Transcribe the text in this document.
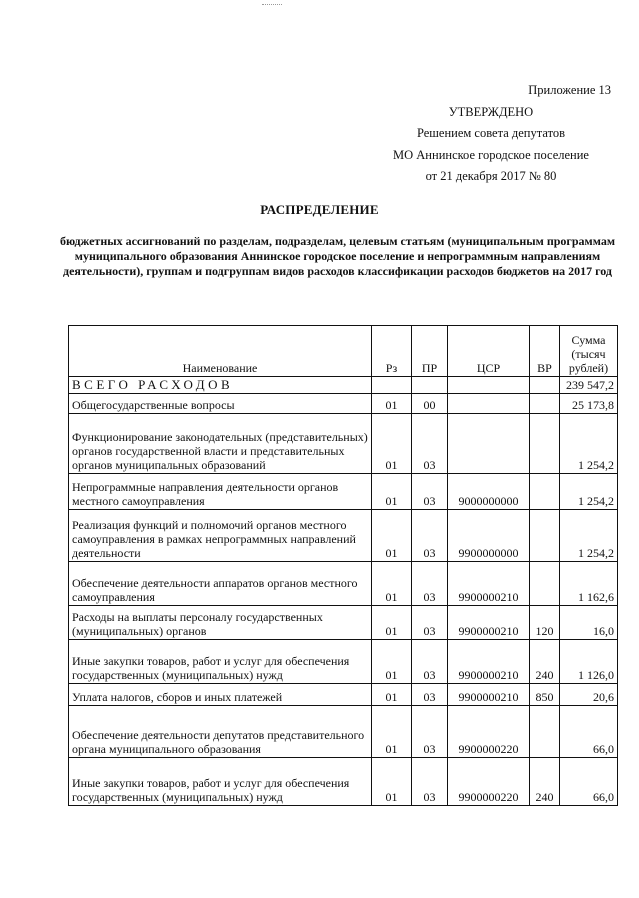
Приложение 13
УТВЕРЖДЕНО
Решением совета депутатов
МО Аннинское городское поселение
от 21 декабря 2017 № 80
РАСПРЕДЕЛЕНИЕ
бюджетных ассигнований по разделам, подразделам, целевым статьям (муниципальным программам муниципального образования Аннинское городское поселение и непрограммным направлениям деятельности), группам и подгруппам видов расходов классификации расходов бюджетов на 2017 год
Наименование	Рз	ПР	ЦСР	ВР	Сумма (тысяч рублей)
ВСЕГО РАСХОДОВ					239 547,2
Общегосударственные вопросы	01	00			25 173,8
Функционирование законодательных (представительных) органов государственной власти и представительных органов муниципальных образований	01	03			1 254,2
Непрограммные направления деятельности органов местного самоуправления	01	03	9000000000		1 254,2
Реализация функций и полномочий органов местного самоуправления в рамках непрограммных направлений деятельности	01	03	9900000000		1 254,2
Обеспечение деятельности аппаратов органов местного самоуправления	01	03	9900000210		1 162,6
Расходы на выплаты персоналу государственных (муниципальных) органов	01	03	9900000210	120	16,0
Иные закупки товаров, работ и услуг для обеспечения государственных (муниципальных) нужд	01	03	9900000210	240	1 126,0
Уплата налогов, сборов и иных платежей	01	03	9900000210	850	20,6
Обеспечение деятельности депутатов представительного органа муниципального образования	01	03	9900000220		66,0
Иные закупки товаров, работ и услуг для обеспечения государственных (муниципальных) нужд	01	03	9900000220	240	66,0
